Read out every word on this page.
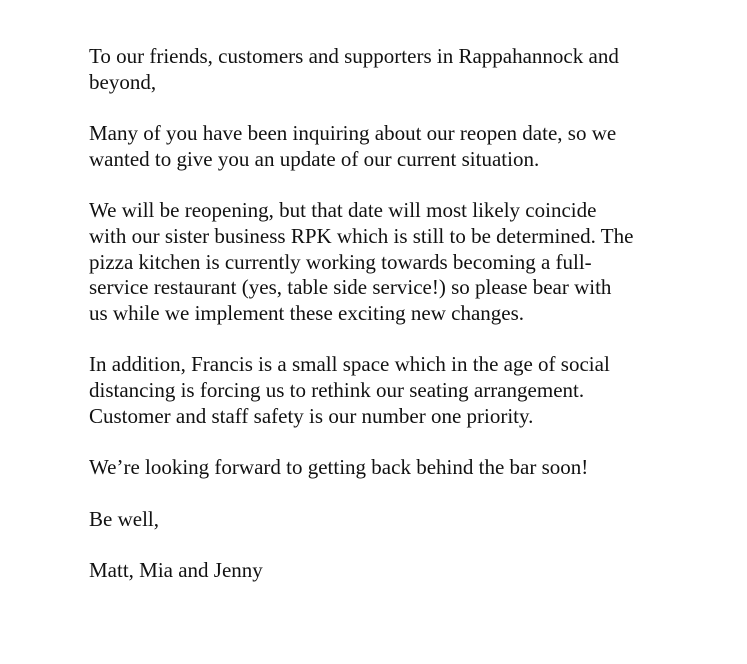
To our friends, customers and supporters in Rappahannock and
beyond,

Many of you have been inquiring about our reopen date, so we
wanted to give you an update of our current situation.

We will be reopening, but that date will most likely coincide
with our sister business RPK which is still to be determined. The
pizza kitchen is currently working towards becoming a full-
service restaurant (yes, table side service!) so please bear with
us while we implement these exciting new changes.

In addition, Francis is a small space which in the age of social
distancing is forcing us to rethink our seating arrangement.
Customer and staff safety is our number one priority.

We’re looking forward to getting back behind the bar soon!

Be well,

Matt, Mia and Jenny
